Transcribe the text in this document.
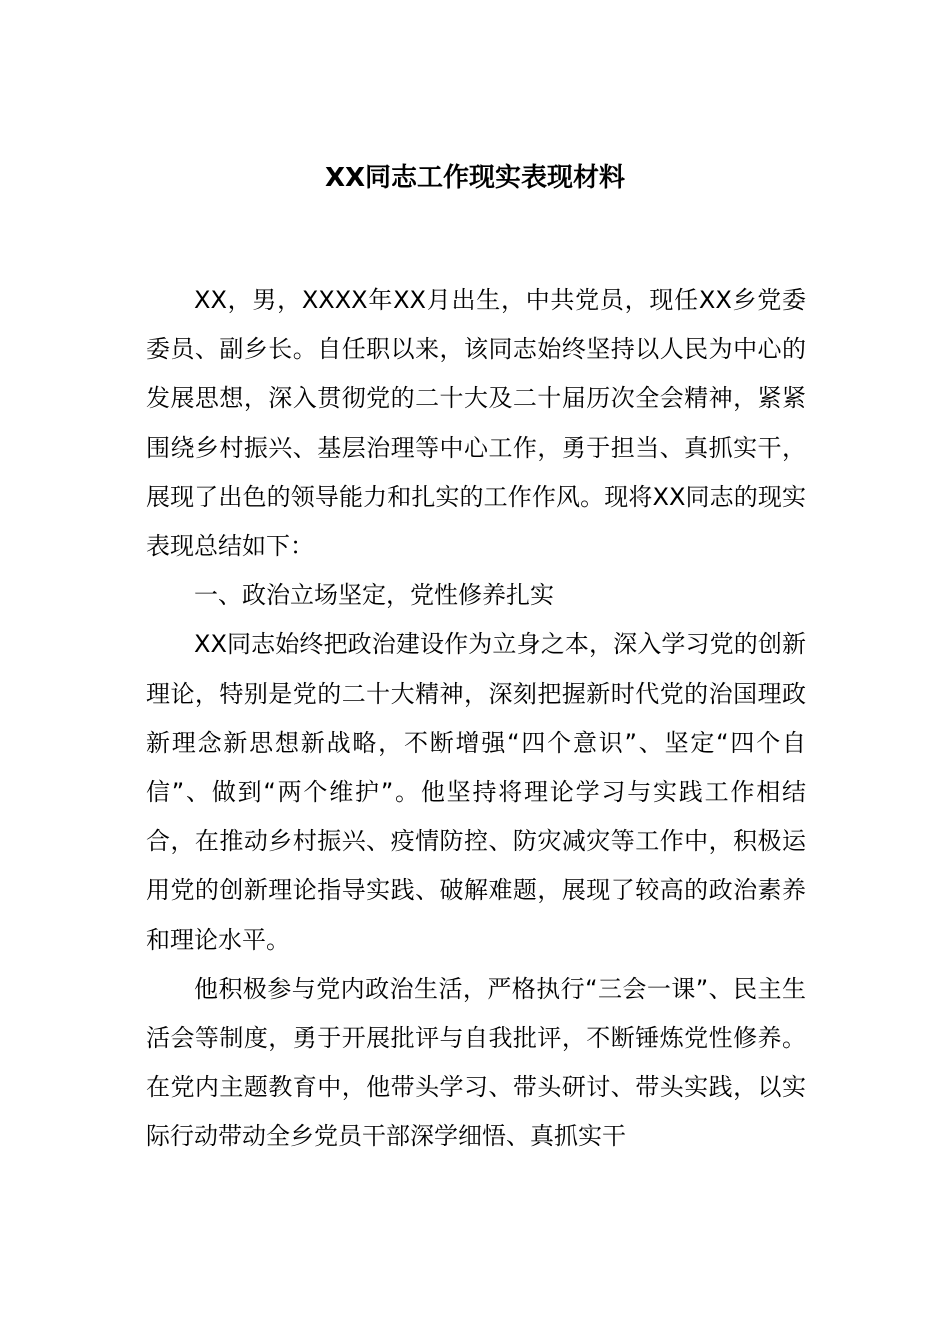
XX同志工作现实表现材料

XX，男，XXXX年XX月出生，中共党员，现任XX乡党委委员、副乡长。自任职以来，该同志始终坚持以人民为中心的发展思想，深入贯彻党的二十大及二十届历次全会精神，紧紧围绕乡村振兴、基层治理等中心工作，勇于担当、真抓实干，展现了出色的领导能力和扎实的工作作风。现将XX同志的现实表现总结如下：

一、政治立场坚定，党性修养扎实

XX同志始终把政治建设作为立身之本，深入学习党的创新理论，特别是党的二十大精神，深刻把握新时代党的治国理政新理念新思想新战略，不断增强“四个意识”、坚定“四个自信”、做到“两个维护”。他坚持将理论学习与实践工作相结合，在推动乡村振兴、疫情防控、防灾减灾等工作中，积极运用党的创新理论指导实践、破解难题，展现了较高的政治素养和理论水平。

他积极参与党内政治生活，严格执行“三会一课”、民主生活会等制度，勇于开展批评与自我批评，不断锤炼党性修养。在党内主题教育中，他带头学习、带头研讨、带头实践，以实际行动带动全乡党员干部深学细悟、真抓实干
